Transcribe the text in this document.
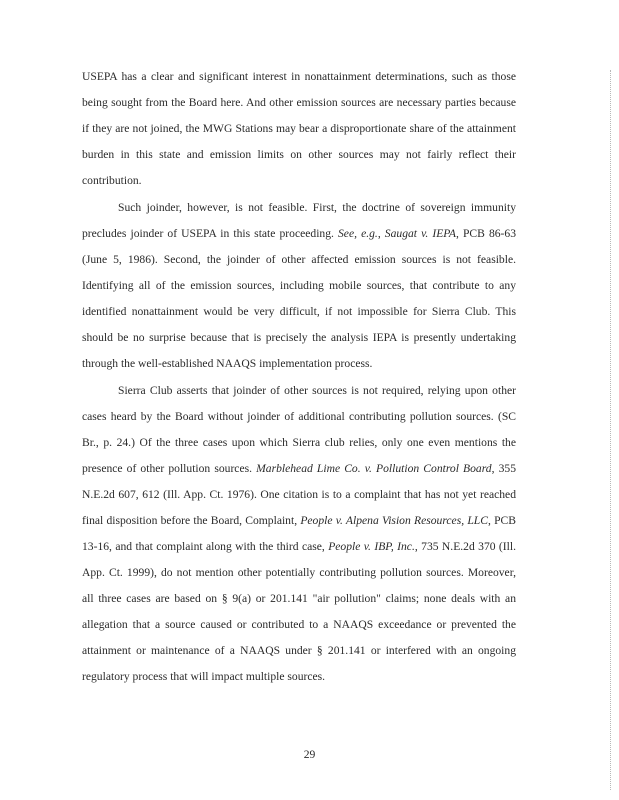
USEPA has a clear and significant interest in nonattainment determinations, such as those
being sought from the Board here. And other emission sources are necessary parties because
if they are not joined, the MWG Stations may bear a disproportionate share of the attainment
burden in this state and emission limits on other sources may not fairly reflect their
contribution.
Such joinder, however, is not feasible. First, the doctrine of sovereign immunity
precludes joinder of USEPA in this state proceeding. See, e.g., Saugat v. IEPA, PCB 86-63
(June 5, 1986). Second, the joinder of other affected emission sources is not feasible.
Identifying all of the emission sources, including mobile sources, that contribute to any
identified nonattainment would be very difficult, if not impossible for Sierra Club. This
should be no surprise because that is precisely the analysis IEPA is presently undertaking
through the well-established NAAQS implementation process.
Sierra Club asserts that joinder of other sources is not required, relying upon other
cases heard by the Board without joinder of additional contributing pollution sources. (SC
Br., p. 24.) Of the three cases upon which Sierra club relies, only one even mentions the
presence of other pollution sources. Marblehead Lime Co. v. Pollution Control Board, 355
N.E.2d 607, 612 (Ill. App. Ct. 1976). One citation is to a complaint that has not yet reached
final disposition before the Board, Complaint, People v. Alpena Vision Resources, LLC, PCB
13-16, and that complaint along with the third case, People v. IBP, Inc., 735 N.E.2d 370 (Ill.
App. Ct. 1999), do not mention other potentially contributing pollution sources. Moreover,
all three cases are based on § 9(a) or 201.141 "air pollution" claims; none deals with an
allegation that a source caused or contributed to a NAAQS exceedance or prevented the
attainment or maintenance of a NAAQS under § 201.141 or interfered with an ongoing
regulatory process that will impact multiple sources.
29
